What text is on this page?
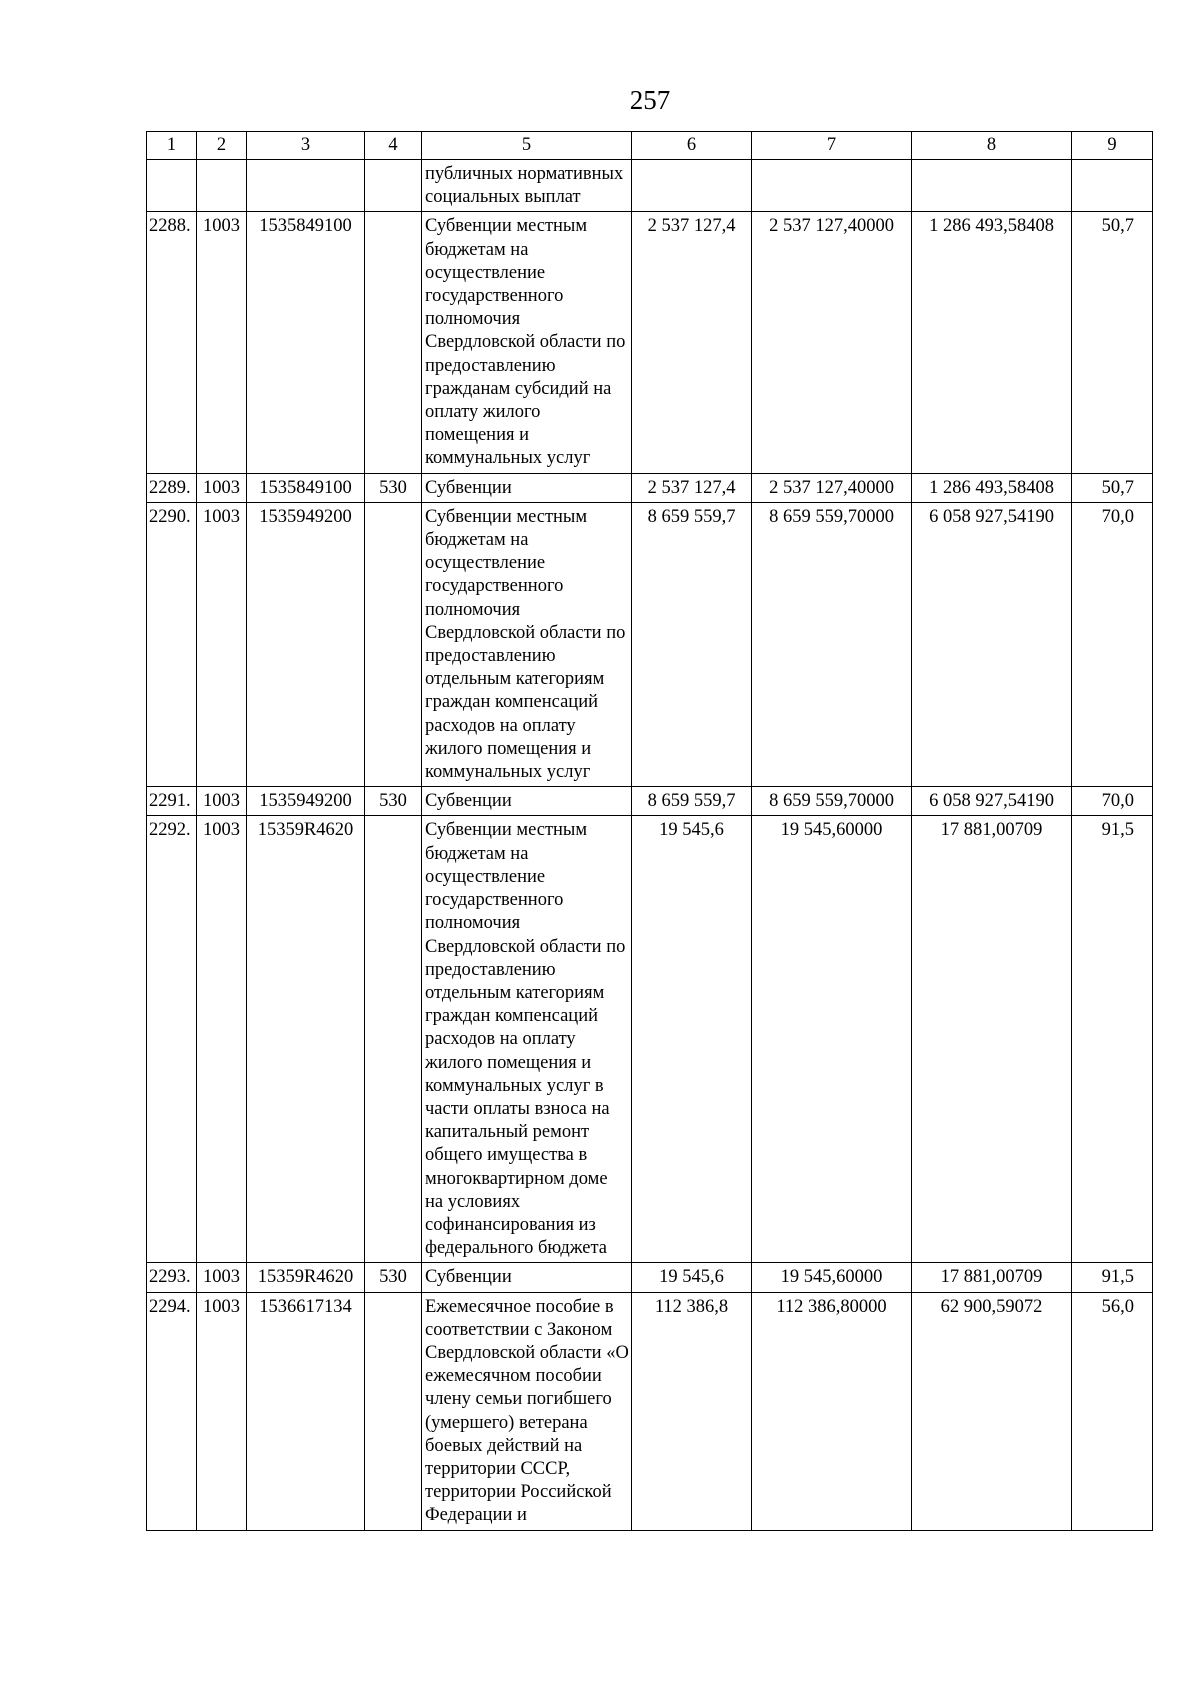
257
1	2	3	4	5	6	7	8	9
				публичных нормативных социальных выплат				
2288.	1003	1535849100		Субвенции местным бюджетам на осуществление государственного полномочия Свердловской области по предоставлению гражданам субсидий на оплату жилого помещения и коммунальных услуг	2 537 127,4	2 537 127,40000	1 286 493,58408	50,7
2289.	1003	1535849100	530	Субвенции	2 537 127,4	2 537 127,40000	1 286 493,58408	50,7
2290.	1003	1535949200		Субвенции местным бюджетам на осуществление государственного полномочия Свердловской области по предоставлению отдельным категориям граждан компенсаций расходов на оплату жилого помещения и коммунальных услуг	8 659 559,7	8 659 559,70000	6 058 927,54190	70,0
2291.	1003	1535949200	530	Субвенции	8 659 559,7	8 659 559,70000	6 058 927,54190	70,0
2292.	1003	15359R4620		Субвенции местным бюджетам на осуществление государственного полномочия Свердловской области по предоставлению отдельным категориям граждан компенсаций расходов на оплату жилого помещения и коммунальных услуг в части оплаты взноса на капитальный ремонт общего имущества в многоквартирном доме на условиях софинансирования из федерального бюджета	19 545,6	19 545,60000	17 881,00709	91,5
2293.	1003	15359R4620	530	Субвенции	19 545,6	19 545,60000	17 881,00709	91,5
2294.	1003	1536617134		Ежемесячное пособие в соответствии с Законом Свердловской области «О ежемесячном пособии члену семьи погибшего (умершего) ветерана боевых действий на территории СССР, территории Российской Федерации и	112 386,8	112 386,80000	62 900,59072	56,0
